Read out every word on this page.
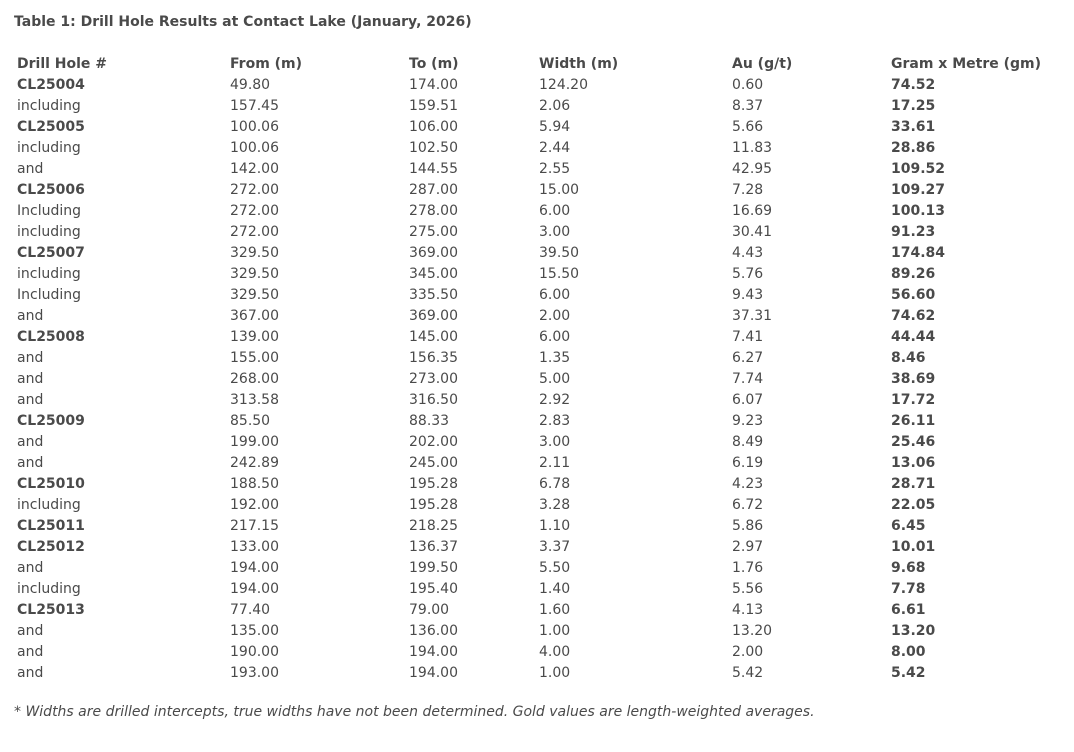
Table 1: Drill Hole Results at Contact Lake (January, 2026)
Drill Hole #	From (m)	To (m)	Width (m)	Au (g/t)	Gram x Metre (gm)
CL25004	49.80	174.00	124.20	0.60	74.52
including	157.45	159.51	2.06	8.37	17.25
CL25005	100.06	106.00	5.94	5.66	33.61
including	100.06	102.50	2.44	11.83	28.86
and	142.00	144.55	2.55	42.95	109.52
CL25006	272.00	287.00	15.00	7.28	109.27
Including	272.00	278.00	6.00	16.69	100.13
including	272.00	275.00	3.00	30.41	91.23
CL25007	329.50	369.00	39.50	4.43	174.84
including	329.50	345.00	15.50	5.76	89.26
Including	329.50	335.50	6.00	9.43	56.60
and	367.00	369.00	2.00	37.31	74.62
CL25008	139.00	145.00	6.00	7.41	44.44
and	155.00	156.35	1.35	6.27	8.46
and	268.00	273.00	5.00	7.74	38.69
and	313.58	316.50	2.92	6.07	17.72
CL25009	85.50	88.33	2.83	9.23	26.11
and	199.00	202.00	3.00	8.49	25.46
and	242.89	245.00	2.11	6.19	13.06
CL25010	188.50	195.28	6.78	4.23	28.71
including	192.00	195.28	3.28	6.72	22.05
CL25011	217.15	218.25	1.10	5.86	6.45
CL25012	133.00	136.37	3.37	2.97	10.01
and	194.00	199.50	5.50	1.76	9.68
including	194.00	195.40	1.40	5.56	7.78
CL25013	77.40	79.00	1.60	4.13	6.61
and	135.00	136.00	1.00	13.20	13.20
and	190.00	194.00	4.00	2.00	8.00
and	193.00	194.00	1.00	5.42	5.42
* Widths are drilled intercepts, true widths have not been determined. Gold values are length-weighted averages.
